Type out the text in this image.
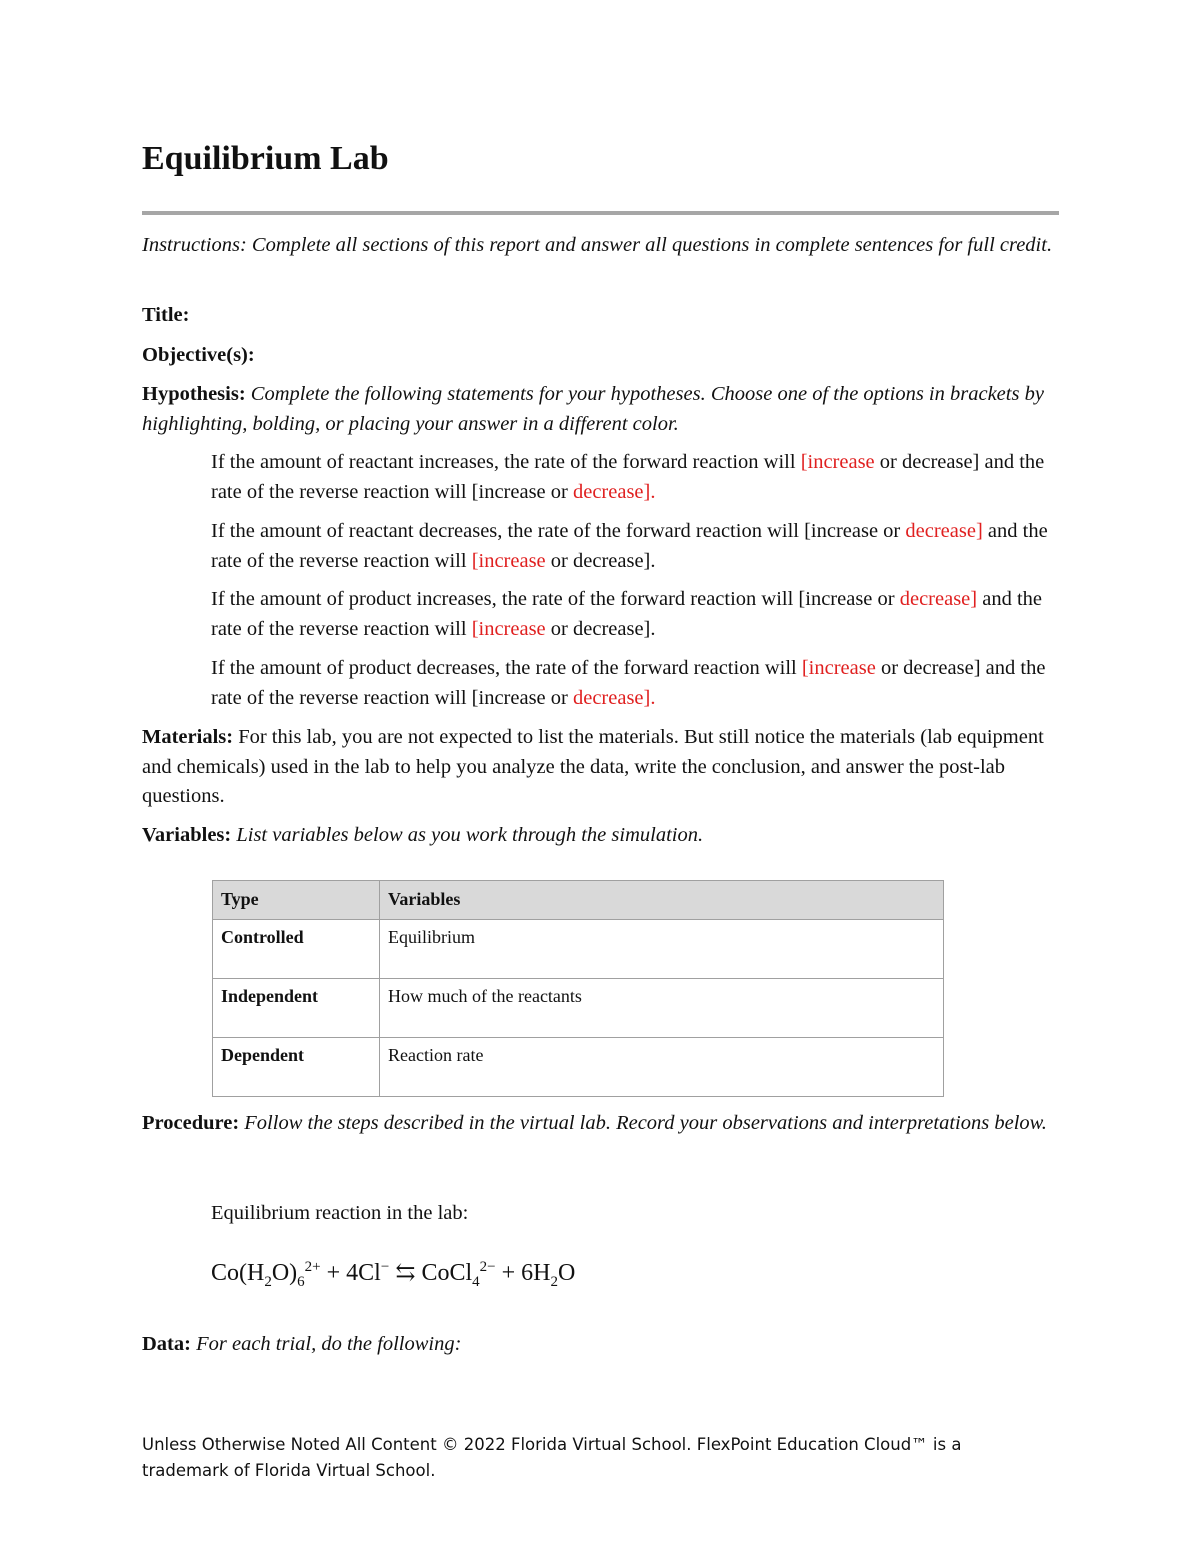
Equilibrium Lab

Instructions: Complete all sections of this report and answer all questions in complete sentences for full credit.

Title:

Objective(s):

Hypothesis: Complete the following statements for your hypotheses. Choose one of the options in brackets by highlighting, bolding, or placing your answer in a different color.

If the amount of reactant increases, the rate of the forward reaction will [increase or decrease] and the rate of the reverse reaction will [increase or decrease].

If the amount of reactant decreases, the rate of the forward reaction will [increase or decrease] and the rate of the reverse reaction will [increase or decrease].

If the amount of product increases, the rate of the forward reaction will [increase or decrease] and the rate of the reverse reaction will [increase or decrease].

If the amount of product decreases, the rate of the forward reaction will [increase or decrease] and the rate of the reverse reaction will [increase or decrease].

Materials: For this lab, you are not expected to list the materials. But still notice the materials (lab equipment and chemicals) used in the lab to help you analyze the data, write the conclusion, and answer the post-lab questions.

Variables: List variables below as you work through the simulation.

Type	Variables
Controlled	Equilibrium
Independent	How much of the reactants
Dependent	Reaction rate

Procedure: Follow the steps described in the virtual lab. Record your observations and interpretations below.

Equilibrium reaction in the lab:

$Co(H_2O)_6^{2+} + 4Cl^-$ ⇆ CoCl$_4^{2-}$ + $6H_2O$

Data: For each trial, do the following:

Unless Otherwise Noted All Content © 2022 Florida Virtual School. FlexPoint Education Cloud™ is a trademark of Florida Virtual School.
